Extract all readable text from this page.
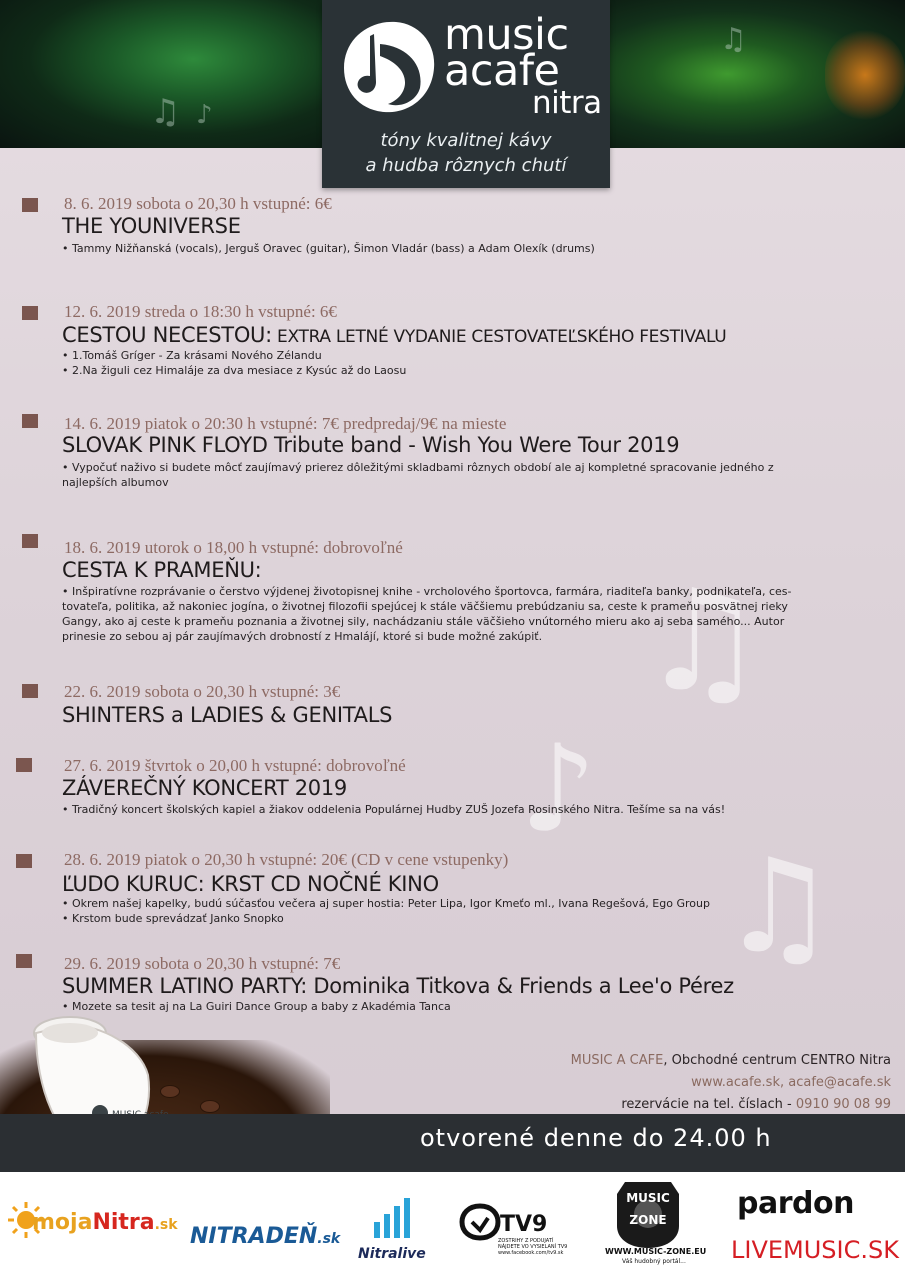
♫ ♪
♫
music
acafe
nitra
tóny kvalitnej kávy
a hudba rôznych chutí
♫
♪
♫
8. 6. 2019 sobota o 20,30 h vstupné: 6€
THE YOUNIVERSE
• Tammy Nižňanská (vocals), Jerguš Oravec (guitar), Šimon Vladár (bass) a Adam Olexík (drums)
12. 6. 2019 streda o 18:30 h vstupné: 6€
CESTOU NECESTOU: EXTRA LETNÉ VYDANIE CESTOVATEĽSKÉHO FESTIVALU
• 1.Tomáš Gríger - Za krásami Nového Zélandu
• 2.Na žiguli cez Himaláje za dva mesiace z Kysúc až do Laosu
14. 6. 2019 piatok o 20:30 h vstupné: 7€ predpredaj/9€ na mieste
SLOVAK PINK FLOYD Tribute band - Wish You Were Tour 2019
• Vypočuť naživo si budete môcť zaujímavý prierez dôležitými skladbami rôznych období ale aj kompletné spracovanie jedného z
najlepších albumov
18. 6. 2019 utorok o 18,00 h vstupné: dobrovoľné
CESTA K PRAMEŇU:
• Inšpiratívne rozprávanie o čerstvo výjdenej životopisnej knihe - vrcholového športovca, farmára, riaditeľa banky, podnikateľa, ces-
tovateľa, politika, až nakoniec jogína, o životnej filozofii spejúcej k stále väčšiemu prebúdzaniu sa, ceste k prameňu posvätnej rieky
Gangy, ako aj ceste k prameňu poznania a životnej sily, nachádzaniu stále väčšieho vnútorného mieru ako aj seba samého... Autor
prinesie zo sebou aj pár zaujímavých drobností z Hmalájí, ktoré si bude možné zakúpiť.
22. 6. 2019 sobota o 20,30 h vstupné: 3€
SHINTERS a LADIES & GENITALS
27. 6. 2019 štvrtok o 20,00 h vstupné: dobrovoľné
ZÁVEREČNÝ KONCERT 2019
• Tradičný koncert školských kapiel a žiakov oddelenia Populárnej Hudby ZUŠ Jozefa Rosinského Nitra. Tešíme sa na vás!
28. 6. 2019 piatok o 20,30 h vstupné: 20€ (CD v cene vstupenky)
ĽUDO KURUC: KRST CD NOČNÉ KINO
• Okrem našej kapelky, budú súčasťou večera aj super hostia: Peter Lipa, Igor Kmeťo ml., Ivana Regešová, Ego Group
• Krstom bude sprevádzať Janko Snopko
29. 6. 2019 sobota o 20,30 h vstupné: 7€
SUMMER LATINO PARTY: Dominika Titkova & Friends a Lee'o Pérez
• Mozete sa tesit aj na La Guiri Dance Group a baby z Akadémia Tanca
MUSIC A CAFE, Obchodné centrum CENTRO Nitra
www.acafe.sk, acafe@acafe.sk
rezervácie na tel. číslach - 0910 90 08 99
otvorené denne do 24.00 h
mojaNitra.sk NITRADEŇ.sk
Nitralive
TV9
ZOSTRIHY Z PODUJATÍ
NÁJDETE VO VYSIELANÍ TV9
www.facebook.com/tv9.sk
MUSIC
ZONE
WWW.MUSIC-ZONE.EU
Váš hudobný portál...
pardon
LIVEMUSIC.SK
